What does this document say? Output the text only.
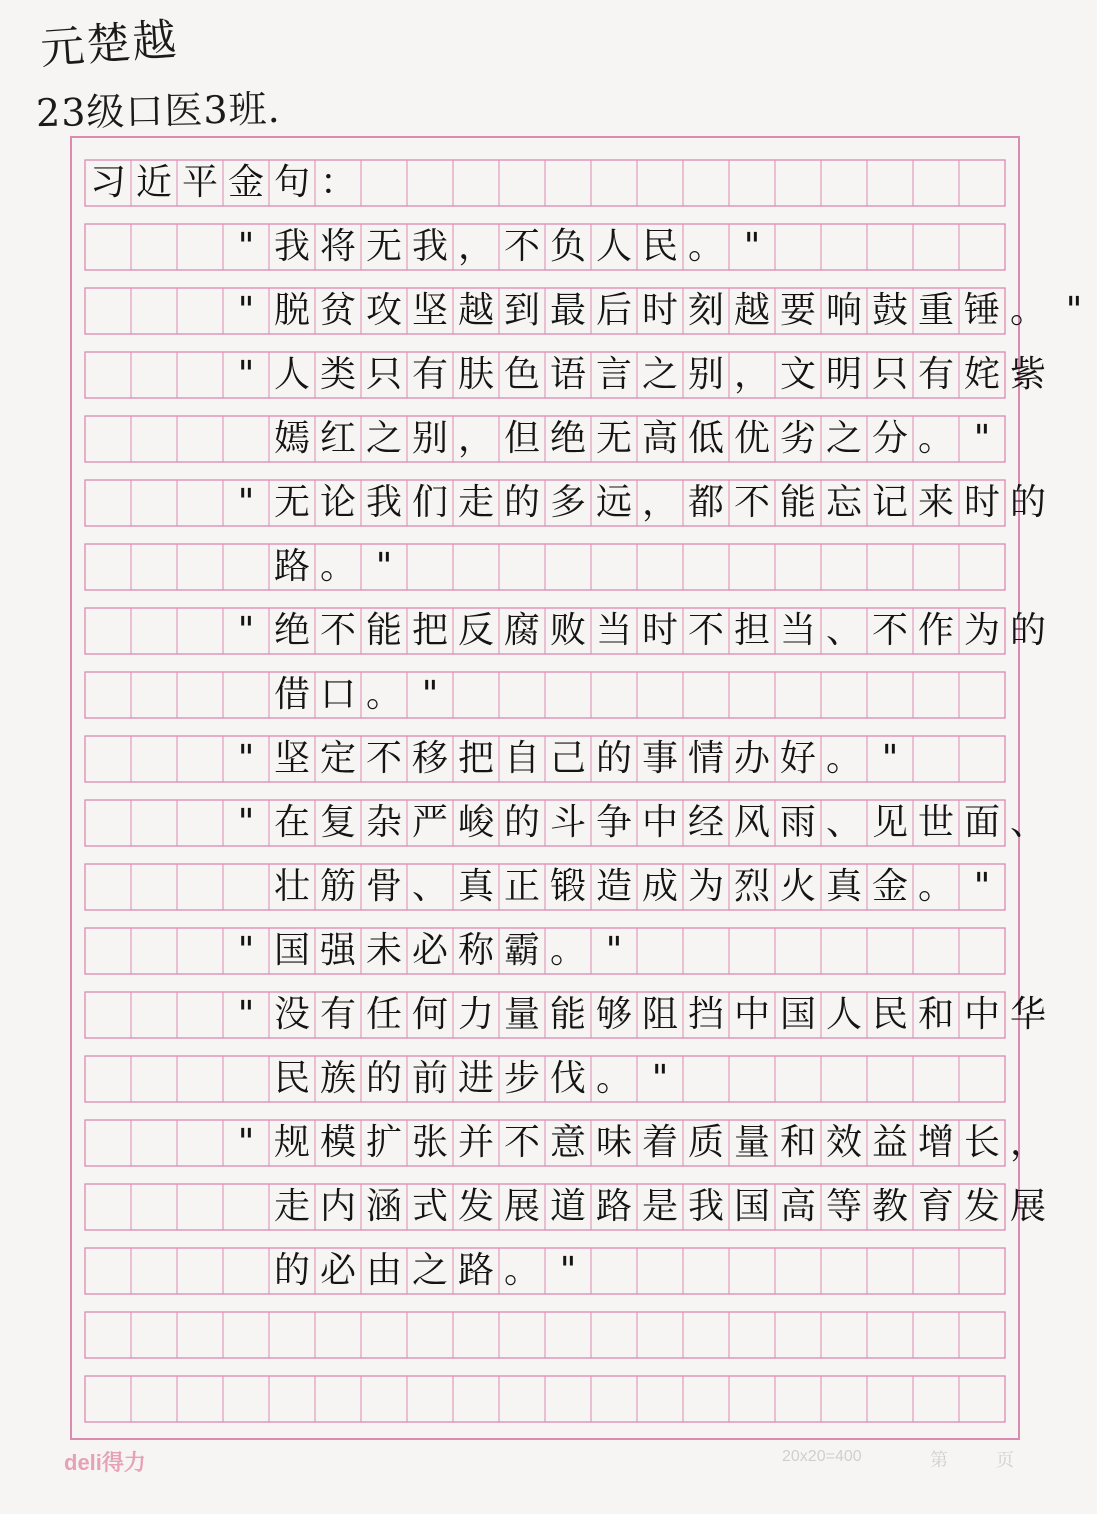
元楚越
23级口医3班.
习 近 平 金 句 ：
" 我 将 无 我 ， 不 负 人 民 。 "
" 脱 贫 攻 坚 越 到 最 后 时 刻 越 要 响 鼓 重 锤 。 "
" 人 类 只 有 肤 色 语 言 之 别 ， 文 明 只 有 姹 紫
嫣 红 之 别 ， 但 绝 无 高 低 优 劣 之 分 。 "
" 无 论 我 们 走 的 多 远 ， 都 不 能 忘 记 来 时 的
路 。 "
" 绝 不 能 把 反 腐 败 当 时 不 担 当 、 不 作 为 的
借 口 。 "
" 坚 定 不 移 把 自 己 的 事 情 办 好 。 "
" 在 复 杂 严 峻 的 斗 争 中 经 风 雨 、 见 世 面 、
壮 筋 骨 、 真 正 锻 造 成 为 烈 火 真 金 。 "
" 国 强 未 必 称 霸 。 "
" 没 有 任 何 力 量 能 够 阻 挡 中 国 人 民 和 中 华
民 族 的 前 进 步 伐 。 "
" 规 模 扩 张 并 不 意 味 着 质 量 和 效 益 增 长 ，
走 内 涵 式 发 展 道 路 是 我 国 高 等 教 育 发 展
的 必 由 之 路 。 "
deli得力	20x20=400	第	页
